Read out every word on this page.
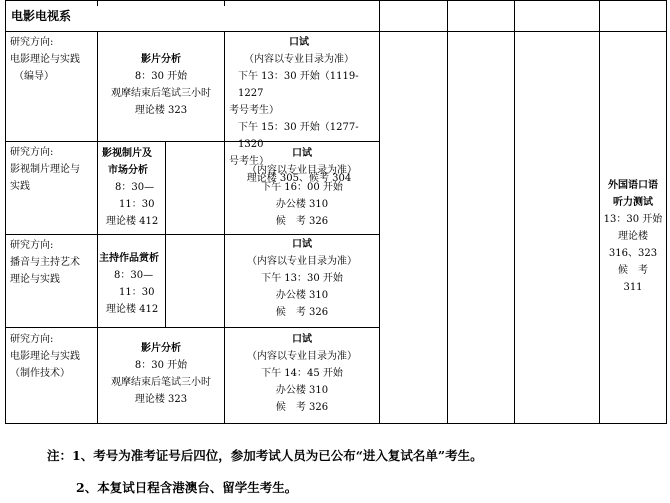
电影电视系
研究方向:
电影理论与实践
（编导）
影片分析
8：30 开始
观摩结束后笔试三小时
理论楼 323
口试
（内容以专业目录为准）
下午 13：30 开始（1119-1227
考号考生）
下午 15：30 开始（1277-1320
号考生）
理论楼 305、候考 304
研究方向:
影视制片理论与
实践
影视制片及
市场分析
8：30—
11：30
理论楼 412
口试
（内容以专业目录为准）
下午 16：00 开始
办公楼 310
候　考 326
研究方向:
播音与主持艺术
理论与实践
主持作品赏析
8：30—
11：30
理论楼 412
口试
（内容以专业目录为准）
下午 13：30 开始
办公楼 310
候　考 326
研究方向:
电影理论与实践
（制作技术）
影片分析
8：30 开始
观摩结束后笔试三小时
理论楼 323
口试
（内容以专业目录为准）
下午 14：45 开始
办公楼 310
候　考 326
外国语口语
听力测试
13：30 开始
理论楼
316、323
候　考
311
注：1、考号为准考证号后四位，参加考试人员为已公布“进入复试名单”考生。
2、本复试日程含港澳台、留学生考生。
